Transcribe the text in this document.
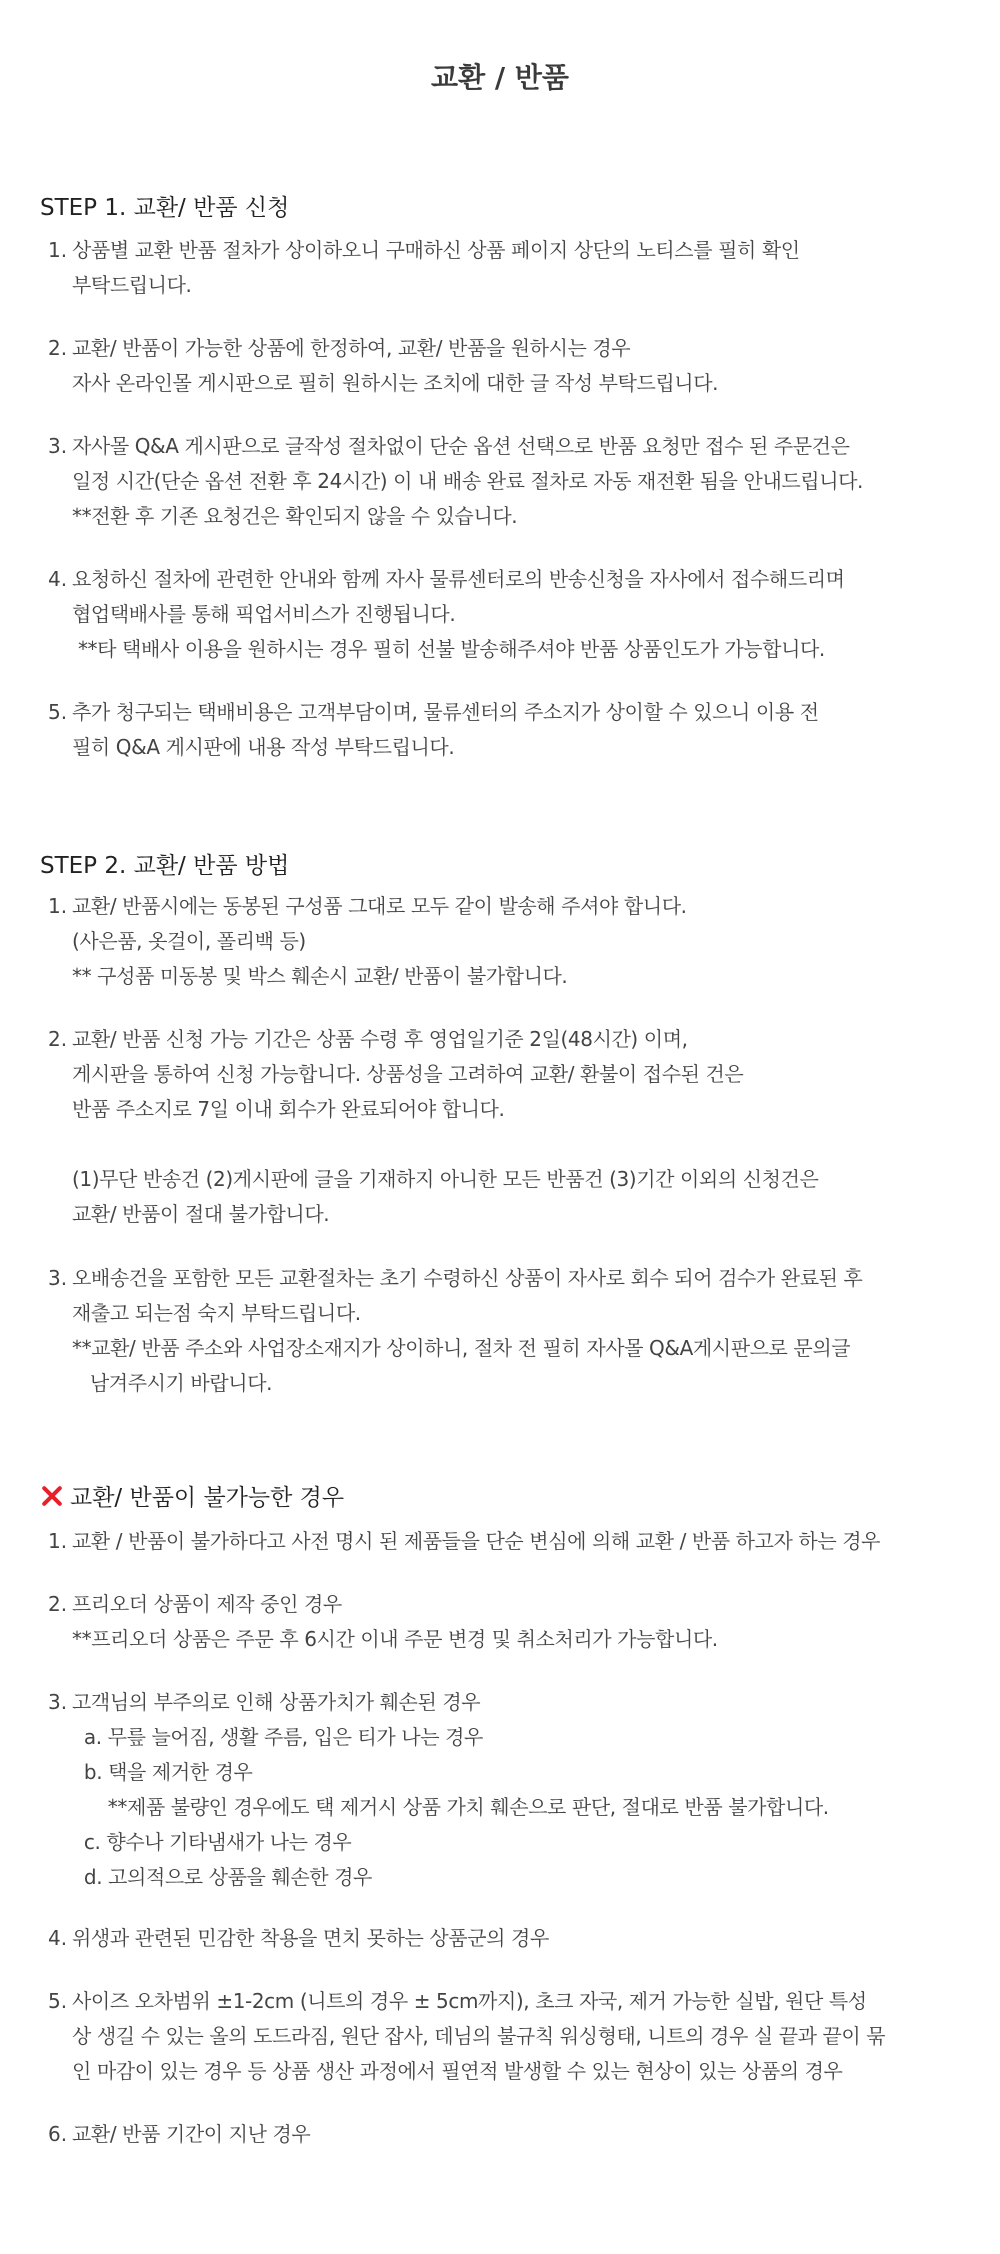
교환 / 반품
STEP 1. 교환/ 반품 신청
1. 상품별 교환 반품 절차가 상이하오니 구매하신 상품 페이지 상단의 노티스를 필히 확인
부탁드립니다.
2. 교환/ 반품이 가능한 상품에 한정하여, 교환/ 반품을 원하시는 경우
자사 온라인몰 게시판으로 필히 원하시는 조치에 대한 글 작성 부탁드립니다.
3. 자사몰 Q&A 게시판으로 글작성 절차없이 단순 옵션 선택으로 반품 요청만 접수 된 주문건은
일정 시간(단순 옵션 전환 후 24시간) 이 내 배송 완료 절차로 자동 재전환 됨을 안내드립니다.
**전환 후 기존 요청건은 확인되지 않을 수 있습니다.
4. 요청하신 절차에 관련한 안내와 함께 자사 물류센터로의 반송신청을 자사에서 접수해드리며
협업택배사를 통해 픽업서비스가 진행됩니다.
**타 택배사 이용을 원하시는 경우 필히 선불 발송해주셔야 반품 상품인도가 가능합니다.
5. 추가 청구되는 택배비용은 고객부담이며, 물류센터의 주소지가 상이할 수 있으니 이용 전
필히 Q&A 게시판에 내용 작성 부탁드립니다.
STEP 2. 교환/ 반품 방법
1. 교환/ 반품시에는 동봉된 구성품 그대로 모두 같이 발송해 주셔야 합니다.
(사은품, 옷걸이, 폴리백 등)
** 구성품 미동봉 및 박스 훼손시 교환/ 반품이 불가합니다.
2. 교환/ 반품 신청 가능 기간은 상품 수령 후 영업일기준 2일(48시간) 이며,
게시판을 통하여 신청 가능합니다. 상품성을 고려하여 교환/ 환불이 접수된 건은
반품 주소지로 7일 이내 회수가 완료되어야 합니다.
(1)무단 반송건 (2)게시판에 글을 기재하지 아니한 모든 반품건 (3)기간 이외의 신청건은
교환/ 반품이 절대 불가합니다.
3. 오배송건을 포함한 모든 교환절차는 초기 수령하신 상품이 자사로 회수 되어 검수가 완료된 후
재출고 되는점 숙지 부탁드립니다.
**교환/ 반품 주소와 사업장소재지가 상이하니, 절차 전 필히 자사몰 Q&A게시판으로 문의글
남겨주시기 바랍니다.
교환/ 반품이 불가능한 경우
1. 교환 / 반품이 불가하다고 사전 명시 된 제품들을 단순 변심에 의해 교환 / 반품 하고자 하는 경우
2. 프리오더 상품이 제작 중인 경우
**프리오더 상품은 주문 후 6시간 이내 주문 변경 및 취소처리가 가능합니다.
3. 고객님의 부주의로 인해 상품가치가 훼손된 경우
a. 무릎 늘어짐, 생활 주름, 입은 티가 나는 경우
b. 택을 제거한 경우
**제품 불량인 경우에도 택 제거시 상품 가치 훼손으로 판단, 절대로 반품 불가합니다.
c. 향수나 기타냄새가 나는 경우
d. 고의적으로 상품을 훼손한 경우
4. 위생과 관련된 민감한 착용을 면치 못하는 상품군의 경우
5. 사이즈 오차범위 ±1-2cm (니트의 경우 ± 5cm까지), 초크 자국, 제거 가능한 실밥, 원단 특성
상 생길 수 있는 올의 도드라짐, 원단 잡사, 데님의 불규칙 워싱형태, 니트의 경우 실 끝과 끝이 묶
인 마감이 있는 경우 등 상품 생산 과정에서 필연적 발생할 수 있는 현상이 있는 상품의 경우
6. 교환/ 반품 기간이 지난 경우
